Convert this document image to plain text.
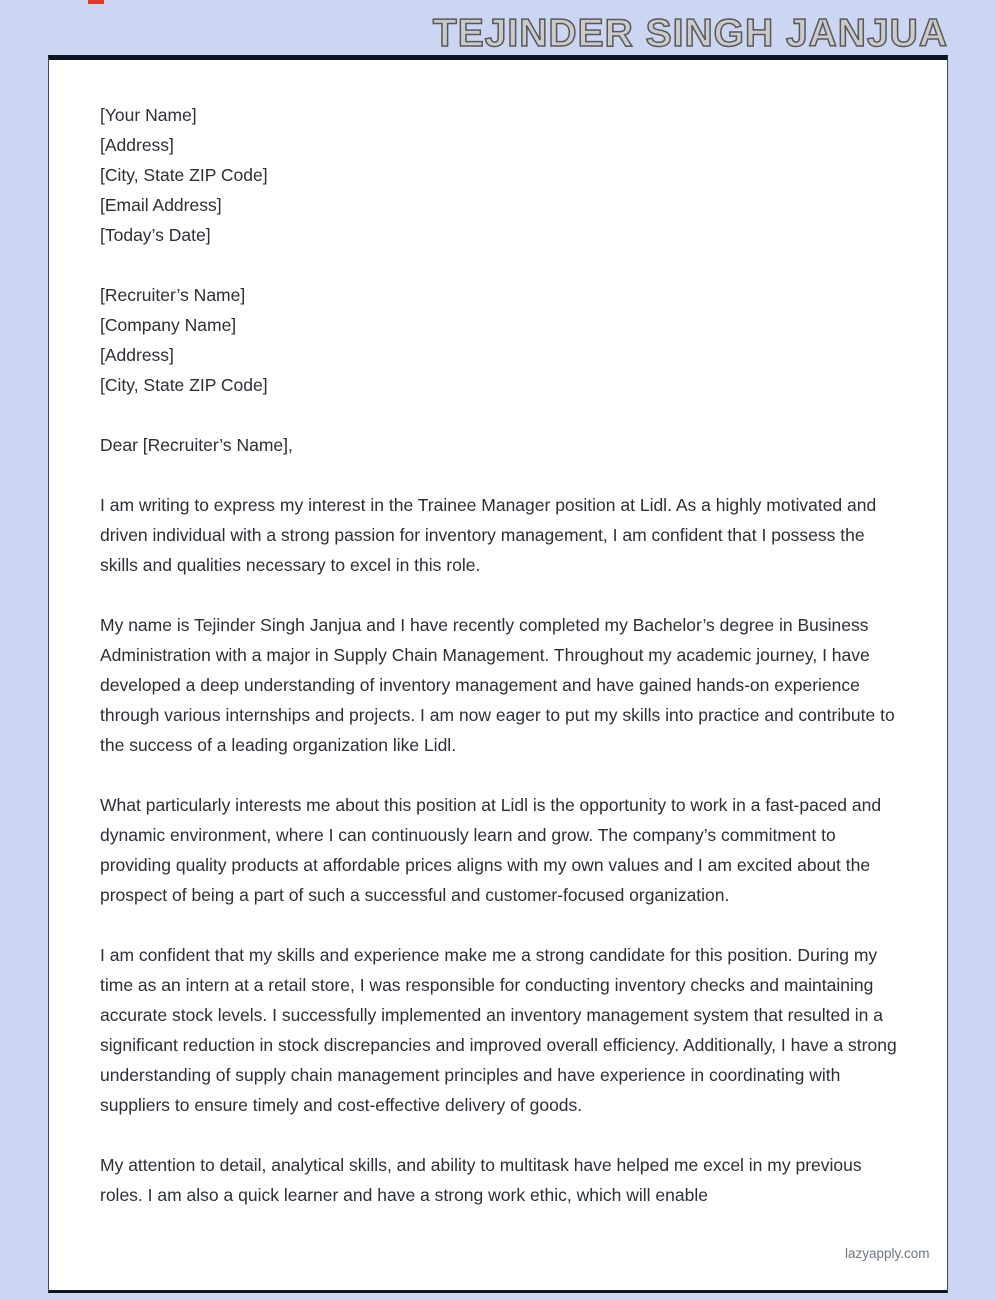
TEJINDER SINGH JANJUA
[Your Name]
[Address]
[City, State ZIP Code]
[Email Address]
[Today’s Date]
[Recruiter’s Name]
[Company Name]
[Address]
[City, State ZIP Code]
Dear [Recruiter’s Name],

I am writing to express my interest in the Trainee Manager position at Lidl. As a highly motivated and driven individual with a strong passion for inventory management, I am confident that I possess the skills and qualities necessary to excel in this role.

My name is Tejinder Singh Janjua and I have recently completed my Bachelor’s degree in Business Administration with a major in Supply Chain Management. Throughout my academic journey, I have developed a deep understanding of inventory management and have gained hands-on experience through various internships and projects. I am now eager to put my skills into practice and contribute to the success of a leading organization like Lidl.

What particularly interests me about this position at Lidl is the opportunity to work in a fast-paced and dynamic environment, where I can continuously learn and grow. The company’s commitment to providing quality products at affordable prices aligns with my own values and I am excited about the prospect of being a part of such a successful and customer-focused organization.

I am confident that my skills and experience make me a strong candidate for this position. During my time as an intern at a retail store, I was responsible for conducting inventory checks and maintaining accurate stock levels. I successfully implemented an inventory management system that resulted in a significant reduction in stock discrepancies and improved overall efficiency. Additionally, I have a strong understanding of supply chain management principles and have experience in coordinating with suppliers to ensure timely and cost-effective delivery of goods.

My attention to detail, analytical skills, and ability to multitask have helped me excel in my previous roles. I am also a quick learner and have a strong work ethic, which will enable

lazyapply.com
